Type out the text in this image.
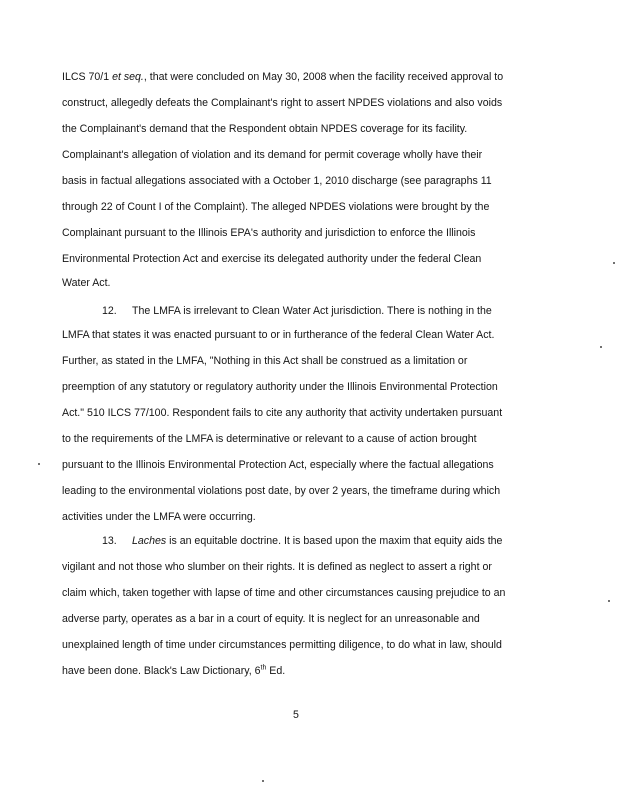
ILCS 70/1 et seq., that were concluded on May 30, 2008 when the facility received approval to
construct, allegedly defeats the Complainant's right to assert NPDES violations and also voids
the Complainant's demand that the Respondent obtain NPDES coverage for its facility.
Complainant's allegation of violation and its demand for permit coverage wholly have their
basis in factual allegations associated with a October 1, 2010 discharge (see paragraphs 11
through 22 of Count I of the Complaint). The alleged NPDES violations were brought by the
Complainant pursuant to the Illinois EPA's authority and jurisdiction to enforce the Illinois
Environmental Protection Act and exercise its delegated authority under the federal Clean
Water Act.
12. The LMFA is irrelevant to Clean Water Act jurisdiction. There is nothing in the
LMFA that states it was enacted pursuant to or in furtherance of the federal Clean Water Act.
Further, as stated in the LMFA, "Nothing in this Act shall be construed as a limitation or
preemption of any statutory or regulatory authority under the Illinois Environmental Protection
Act." 510 ILCS 77/100. Respondent fails to cite any authority that activity undertaken pursuant
to the requirements of the LMFA is determinative or relevant to a cause of action brought
pursuant to the Illinois Environmental Protection Act, especially where the factual allegations
leading to the environmental violations post date, by over 2 years, the timeframe during which
activities under the LMFA were occurring.
13. Laches is an equitable doctrine. It is based upon the maxim that equity aids the
vigilant and not those who slumber on their rights. It is defined as neglect to assert a right or
claim which, taken together with lapse of time and other circumstances causing prejudice to an
adverse party, operates as a bar in a court of equity. It is neglect for an unreasonable and
unexplained length of time under circumstances permitting diligence, to do what in law, should
have been done. Black's Law Dictionary, 6th Ed.
5
